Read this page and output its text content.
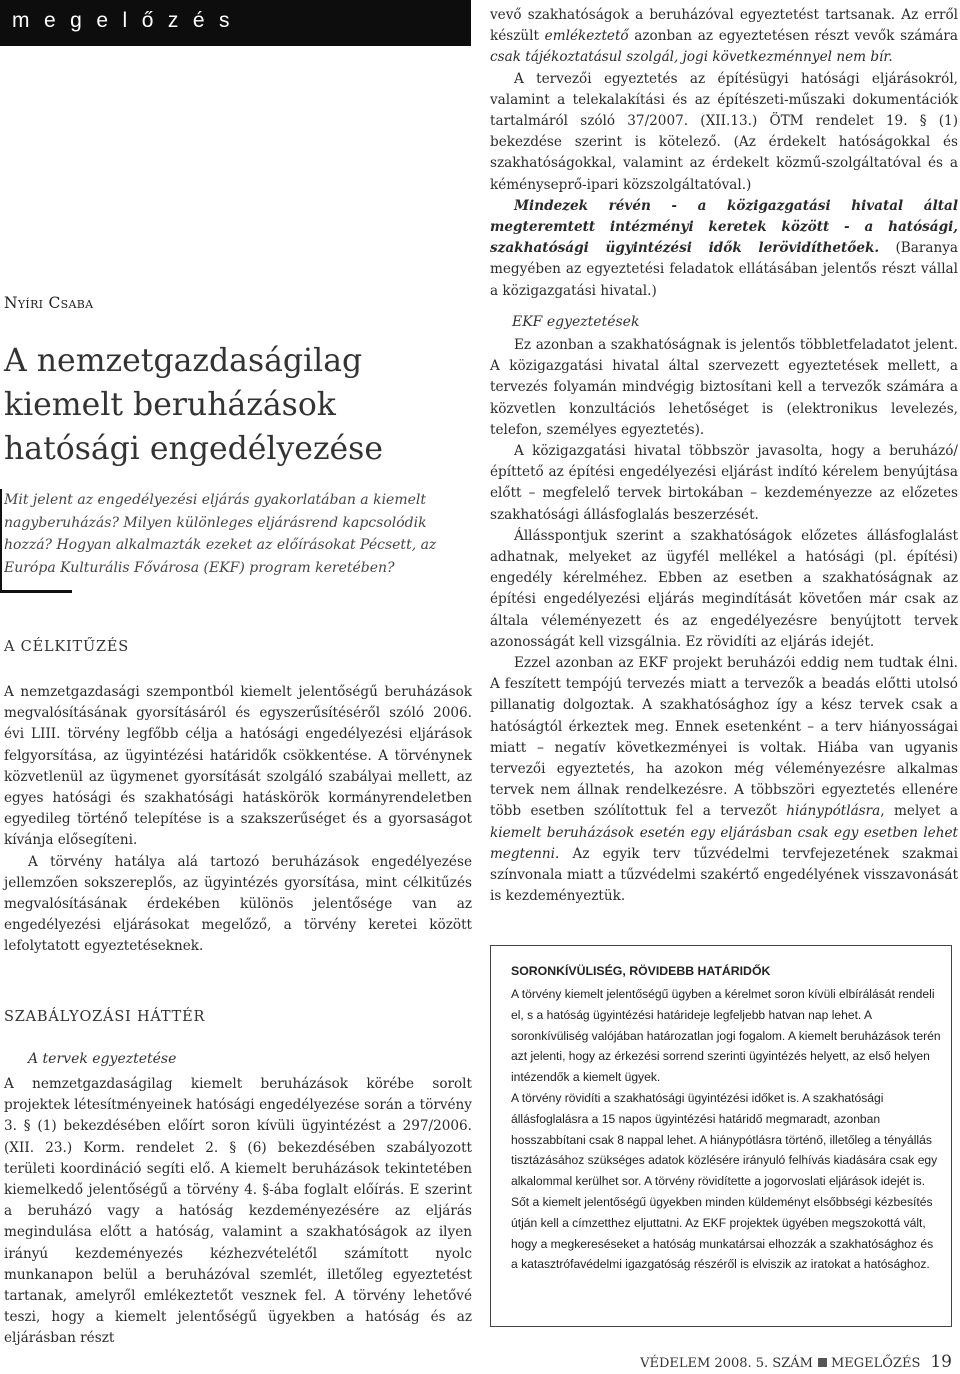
megelőzés
Nyíri Csaba
A nemzetgazdaságilag
kiemelt beruházások
hatósági engedélyezése
Mit jelent az engedélyezési eljárás gyakorlatában a kiemelt nagyberuházás? Milyen különleges eljárásrend kapcsolódik hozzá? Hogyan alkalmazták ezeket az előírásokat Pécsett, az Európa Kulturális Fővárosa (EKF) program keretében?
A CÉLKITŰZÉS

A nemzetgazdasági szempontból kiemelt jelentőségű beruházások megvalósításának gyorsításáról és egyszerűsítéséről szóló 2006. évi LIII. törvény legfőbb célja a hatósági engedélyezési eljárások felgyorsítása, az ügyintézési határidők csökkentése. A törvénynek közvetlenül az ügymenet gyorsítását szolgáló szabályai mellett, az egyes hatósági és szakhatósági hatáskörök kormányrendeletben egyedileg történő telepítése is a szakszerűséget és a gyorsaságot kívánja elősegíteni.

A törvény hatálya alá tartozó beruházások engedélyezése jellemzően sokszereplős, az ügyintézés gyorsítása, mint célkitűzés megvalósításának érdekében különös jelentősége van az engedélyezési eljárásokat megelőző, a törvény keretei között lefolytatott egyeztetéseknek.

SZABÁLYOZÁSI HÁTTÉR
A tervek egyeztetése

A nemzetgazdaságilag kiemelt beruházások körébe sorolt projektek létesítményeinek hatósági engedélyezése során a törvény 3. § (1) bekezdésében előírt soron kívüli ügyintézést a 297/2006. (XII. 23.) Korm. rendelet 2. § (6) bekezdésében szabályozott területi koordináció segíti elő. A kiemelt beruházások tekintetében kiemelkedő jelentőségű a törvény 4. §-ába foglalt előírás. E szerint a beruházó vagy a hatóság kezdeményezésére az eljárás megindulása előtt a hatóság, valamint a szakhatóságok az ilyen irányú kezdeményezés kézhezvételétől számított nyolc munkanapon belül a beruházóval szemlét, illetőleg egyeztetést tartanak, amelyről emlékeztetőt vesznek fel. A törvény lehetővé teszi, hogy a kiemelt jelentőségű ügyekben a hatóság és az eljárásban részt

vevő szakhatóságok a beruházóval egyeztetést tartsanak. Az erről készült emlékeztető azonban az egyeztetésen részt vevők számára csak tájékoztatásul szolgál, jogi következménnyel nem bír.

A tervezői egyeztetés az építésügyi hatósági eljárásokról, valamint a telekalakítási és az építészeti-műszaki dokumentációk tartalmáról szóló 37/2007. (XII.13.) ÖTM rendelet 19. § (1) bekezdése szerint is kötelező. (Az érdekelt hatóságokkal és szakhatóságokkal, valamint az érdekelt közmű-szolgáltatóval és a kéményseprő-ipari közszolgáltatóval.)

Mindezek révén - a közigazgatási hivatal által megteremtett intézményi keretek között - a hatósági, szakhatósági ügyintézési idők lerövidíthetőek. (Baranya megyében az egyeztetési feladatok ellátásában jelentős részt vállal a közigazgatási hivatal.)

EKF egyeztetések

Ez azonban a szakhatóságnak is jelentős többletfeladatot jelent. A közigazgatási hivatal által szervezett egyeztetések mellett, a tervezés folyamán mindvégig biztosítani kell a tervezők számára a közvetlen konzultációs lehetőséget is (elektronikus levelezés, telefon, személyes egyeztetés).

A közigazgatási hivatal többször javasolta, hogy a beruházó/ építtető az építési engedélyezési eljárást indító kérelem benyújtása előtt – megfelelő tervek birtokában – kezdeményezze az előzetes szakhatósági állásfoglalás beszerzését.

Állásspontjuk szerint a szakhatóságok előzetes állásfoglalást adhatnak, melyeket az ügyfél mellékel a hatósági (pl. építési) engedély kérelméhez. Ebben az esetben a szakhatóságnak az építési engedélyezési eljárás megindítását követően már csak az általa véleményezett és az engedélyezésre benyújtott tervek azonosságát kell vizsgálnia. Ez rövidíti az eljárás idejét.

Ezzel azonban az EKF projekt beruházói eddig nem tudtak élni. A feszített tempójú tervezés miatt a tervezők a beadás előtti utolsó pillanatig dolgoztak. A szakhatósághoz így a kész tervek csak a hatóságtól érkeztek meg. Ennek esetenként – a terv hiányosságai miatt – negatív következményei is voltak. Hiába van ugyanis tervezői egyeztetés, ha azokon még véleményezésre alkalmas tervek nem állnak rendelkezésre. A többszöri egyeztetés ellenére több esetben szólítottuk fel a tervezőt hiánypótlásra, melyet a kiemelt beruházások esetén egy eljárásban csak egy esetben lehet megtenni. Az egyik terv tűzvédelmi tervfejezetének szakmai színvonala miatt a tűzvédelmi szakértő engedélyének visszavonását is kezdeményeztük.

SORONKÍVÜLISÉG, RÖVIDEBB HATÁRIDŐK

A törvény kiemelt jelentőségű ügyben a kérelmet soron kívüli elbírálását rendeli el, s a hatóság ügyintézési határideje legfeljebb hatvan nap lehet. A soronkívüliség valójában határozatlan jogi fogalom. A kiemelt beruházások terén azt jelenti, hogy az érkezési sorrend szerinti ügyintézés helyett, az első helyen intézendők a kiemelt ügyek.

A törvény rövidíti a szakhatósági ügyintézési időket is. A szakhatósági állásfoglalásra a 15 napos ügyintézési határidő megmaradt, azonban hosszabbítani csak 8 nappal lehet. A hiánypótlásra történő, illetőleg a tényállás tisztázásához szükséges adatok közlésére irányuló felhívás kiadására csak egy alkalommal kerülhet sor. A törvény rövidítette a jogorvoslati eljárások idejét is. Sőt a kiemelt jelentőségű ügyekben minden küldeményt elsőbbségi kézbesítés útján kell a címzetthez eljuttatni. Az EKF projektek ügyében megszokottá vált, hogy a megkereséseket a hatóság munkatársai elhozzák a szakhatósághoz és a katasztrófavédelmi igazgatóság részéről is elviszik az iratokat a hatósághoz.

VÉDELEM 2008. 5. SZÁM MEGELŐZÉS 19
